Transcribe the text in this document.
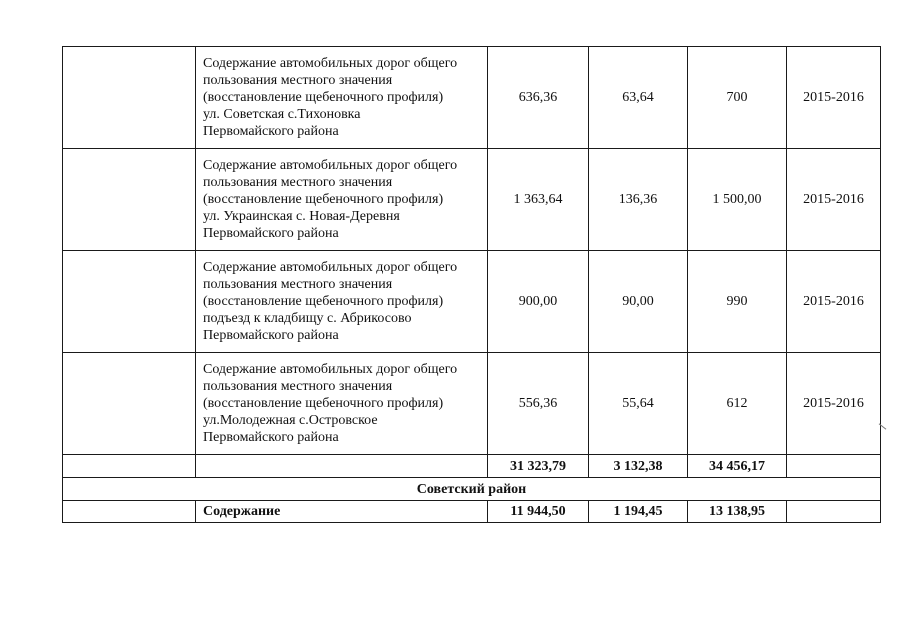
	Содержание автомобильных дорог общего
пользования местного значения
(восстановление щебеночного профиля)
ул. Советская с.Тихоновка
Первомайского района	636,36	63,64	700	2015-2016

	Содержание автомобильных дорог общего
пользования местного значения
(восстановление щебеночного профиля)
ул. Украинская с. Новая-Деревня
Первомайского района	1 363,64	136,36	1 500,00	2015-2016

	Содержание автомобильных дорог общего
пользования местного значения
(восстановление щебеночного профиля)
подъезд к кладбищу с. Абрикосово
Первомайского района	900,00	90,00	990	2015-2016

	Содержание автомобильных дорог общего
пользования местного значения
(восстановление щебеночного профиля)
ул.Молодежная с.Островское
Первомайского района	556,36	55,64	612	2015-2016
		31 323,79	3 132,38	34 456,17	
Советский район					
	Содержание	11 944,50	1 194,45	13 138,95	
